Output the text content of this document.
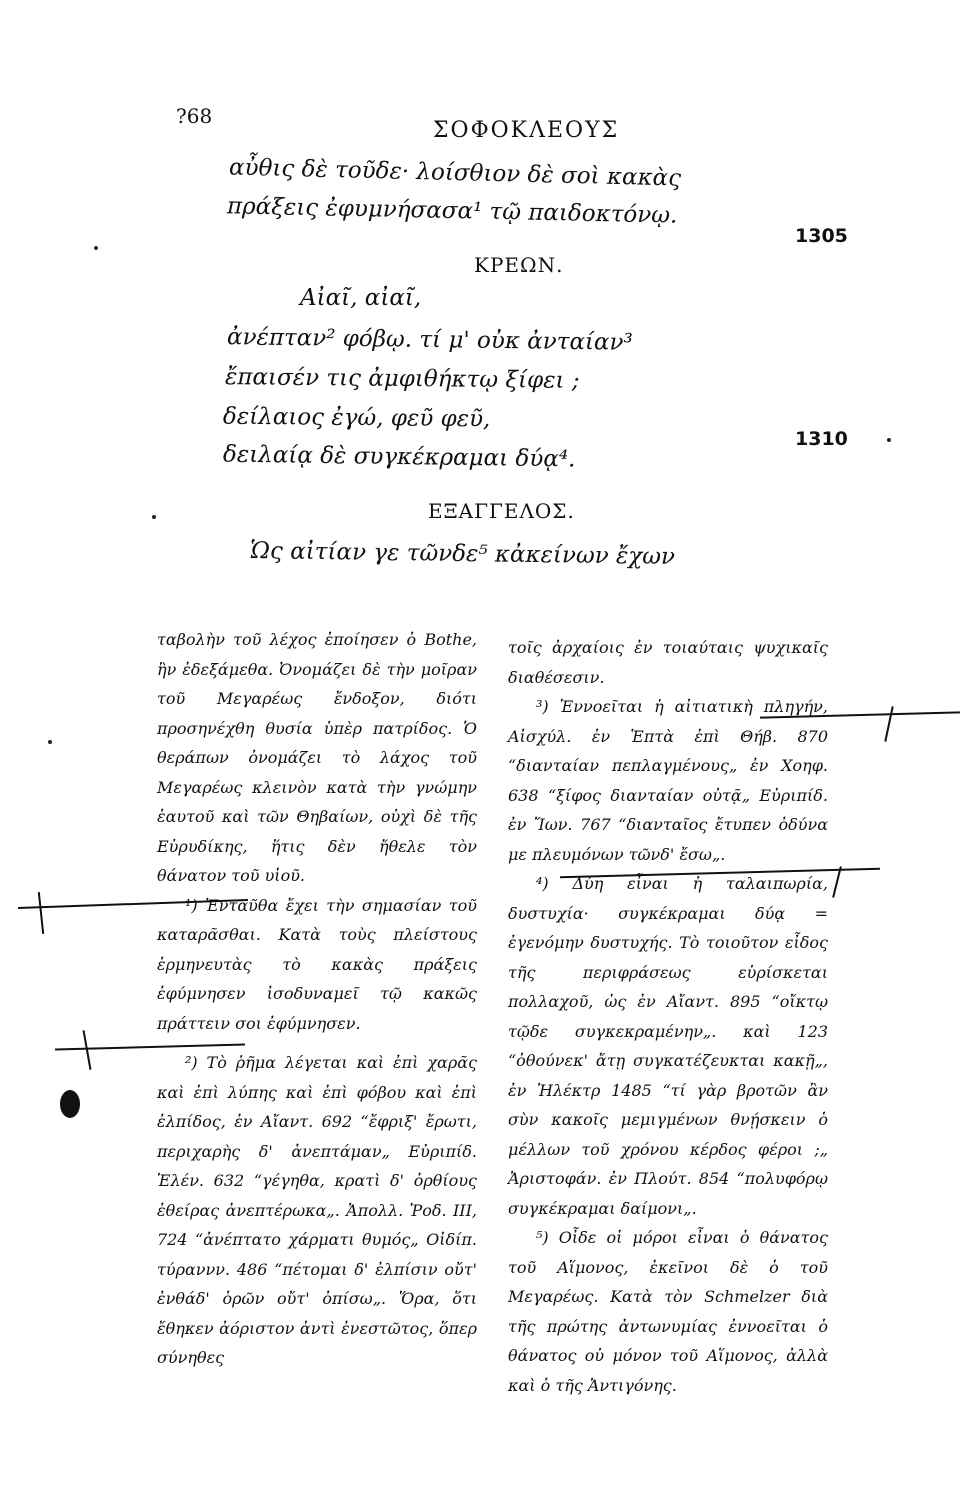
?68
ΣΟΦΟΚΛΕΟΥΣ
αὖθις δὲ τοῦδε· λοίσθιον δὲ σοὶ κακὰς
πράξεις ἐφυμνήσασα¹ τῷ παιδοκτόνῳ.
1305
ΚΡΕΩΝ.
Αἰαῖ, αἰαῖ,
ἀνέπταν² φόβῳ. τί μ' οὐκ ἀνταίαν³
ἔπαισέν τις ἀμφιθήκτῳ ξίφει ;
δείλαιος ἐγώ, φεῦ φεῦ,
δειλαίᾳ δὲ συγκέκραμαι δύᾳ⁴.
1310
ΕΞΑΓΓΕΛΟΣ.
Ὡς αἰτίαν γε τῶνδε⁵ κἀκείνων ἔχων

ταβολὴν τοῦ λέχος ἐποίησεν ὁ Bothe, ἣν ἐδεξάμεθα. Ὀνομάζει δὲ τὴν μοῖραν τοῦ Μεγαρέως ἔνδοξον, διότι προσηνέχθη θυσία ὑπὲρ πατρίδος. Ὁ θεράπων ὀνομάζει τὸ λάχος τοῦ Μεγαρέως κλεινὸν κατὰ τὴν γνώμην ἑαυτοῦ καὶ τῶν Θηβαίων, οὐχὶ δὲ τῆς Εὐρυδίκης, ἥτις δὲν ἤθελε τὸν θάνατον τοῦ υἱοῦ.

¹) Ἐνταῦθα ἔχει τὴν σημασίαν τοῦ καταρᾶσθαι. Κατὰ τοὺς πλείστους ἑρμηνευτὰς τὸ κακὰς πράξεις ἐφύμνησεν ἰσοδυναμεῖ τῷ κακῶς πράττειν σοι ἐφύμνησεν.

²) Τὸ ῥῆμα λέγεται καὶ ἐπὶ χαρᾶς καὶ ἐπὶ λύπης καὶ ἐπὶ φόβου καὶ ἐπὶ ἐλπίδος, ἐν Αἴαντ. 692 “ἔφριξ' ἔρωτι, περιχαρὴς δ' ἀνεπτάμαν„ Εὐριπίδ. Ἑλέν. 632 “γέγηθα, κρατὶ δ' ὀρθίους ἐθείρας ἀνεπτέρωκα„. Ἀπολλ. Ῥοδ. III, 724 “ἀνέπτατο χάρματι θυμός„ Οἰδίπ. τύραννν. 486 “πέτομαι δ' ἐλπίσιν οὔτ' ἐνθάδ' ὁρῶν οὔτ' ὀπίσω„. Ὅρα, ὅτι ἔθηκεν ἀόριστον ἀντὶ ἐνεστῶτος, ὅπερ σύνηθες

τοῖς ἀρχαίοις ἐν τοιαύταις ψυχικαῖς διαθέσεσιν.

³) Ἐννοεῖται ἡ αἰτιατικὴ πληγήν, Αἰσχύλ. ἐν Ἑπτὰ ἐπὶ Θήβ. 870 “διανταίαν πεπλαγμένους„ ἐν Χοηφ. 638 “ξίφος διανταίαν οὐτᾷ„ Εὐριπίδ. ἐν Ἴων. 767 “διανταῖος ἔτυπεν ὀδύνα με πλευμόνων τῶνδ' ἔσω„.

⁴) Δύη εἶναι ἡ ταλαιπωρία, δυστυχία· συγκέκραμαι δύᾳ = ἐγενόμην δυστυχής. Τὸ τοιοῦτον εἶδος τῆς περιφράσεως εὑρίσκεται πολλαχοῦ, ὡς ἐν Αἴαντ. 895 “οἴκτῳ τῷδε συγκεκραμένην„. καὶ 123 “ὀθούνεκ' ἄτῃ συγκατέζευκται κακῇ„, ἐν Ἠλέκτρ 1485 “τί γὰρ βροτῶν ἂν σὺν κακοῖς μεμιγμένων θνῄσκειν ὁ μέλλων τοῦ χρόνου κέρδος φέροι ;„ Ἀριστοφάν. ἐν Πλούτ. 854 “πολυφόρῳ συγκέκραμαι δαίμονι„.

⁵) Οἶδε οἱ μόροι εἶναι ὁ θάνατος τοῦ Αἵμονος, ἐκεῖνοι δὲ ὁ τοῦ Μεγαρέως. Κατὰ τὸν Schmelzer διὰ τῆς πρώτης ἀντωνυμίας ἐννοεῖται ὁ θάνατος οὐ μόνον τοῦ Αἵμονος, ἀλλὰ καὶ ὁ τῆς Ἀντιγόνης.
